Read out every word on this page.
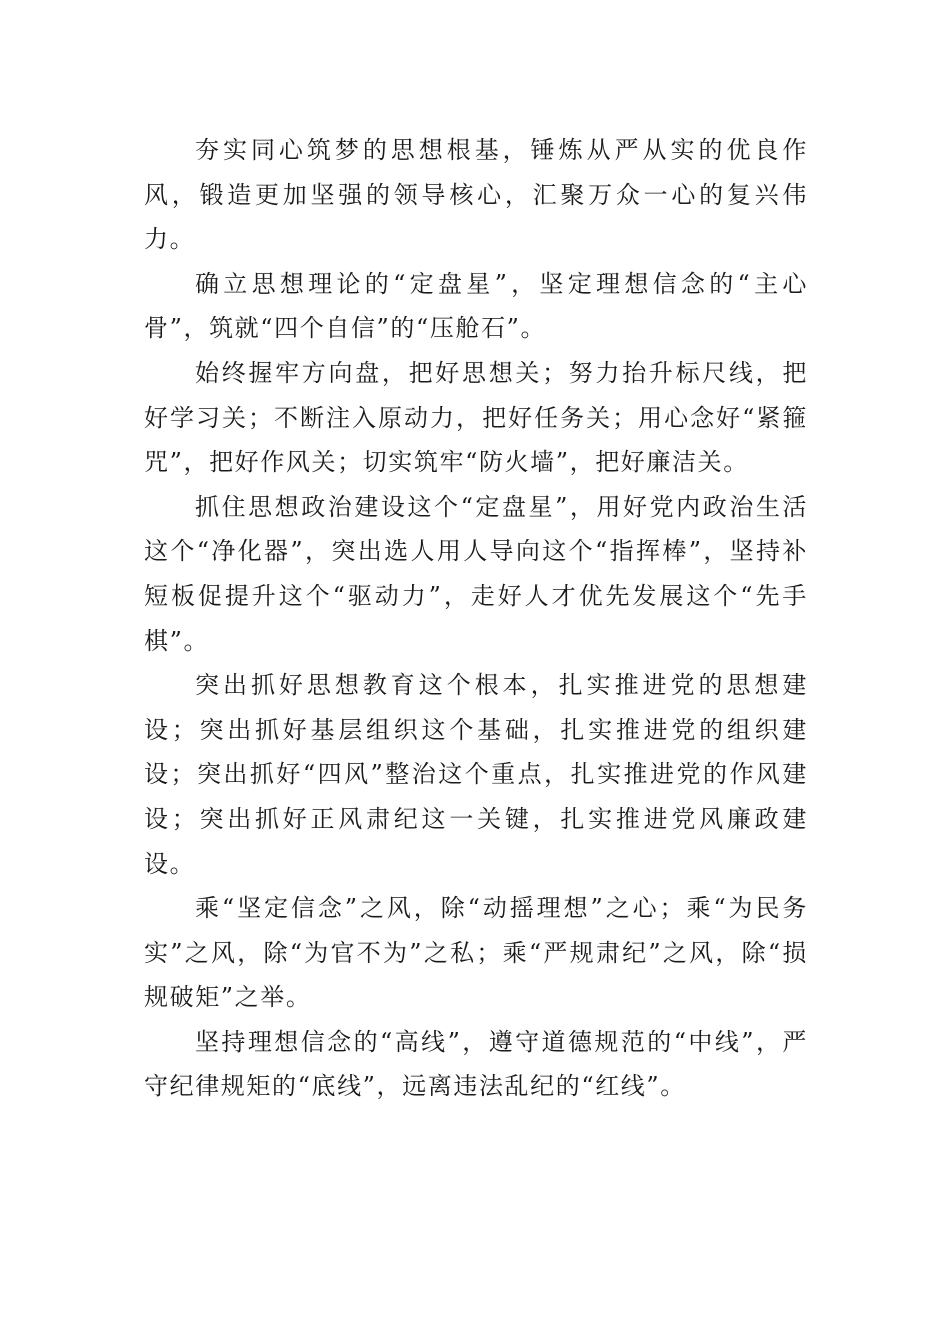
夯实同心筑梦的思想根基，锤炼从严从实的优良作风，锻造更加坚强的领导核心，汇聚万众一心的复兴伟力。

确立思想理论的“定盘星”，坚定理想信念的“主心骨”，筑就“四个自信”的“压舱石”。

始终握牢方向盘，把好思想关；努力抬升标尺线，把好学习关；不断注入原动力，把好任务关；用心念好“紧箍咒”，把好作风关；切实筑牢“防火墙”，把好廉洁关。

抓住思想政治建设这个“定盘星”，用好党内政治生活这个“净化器”，突出选人用人导向这个“指挥棒”，坚持补短板促提升这个“驱动力”，走好人才优先发展这个“先手棋”。

突出抓好思想教育这个根本，扎实推进党的思想建设；突出抓好基层组织这个基础，扎实推进党的组织建设；突出抓好“四风”整治这个重点，扎实推进党的作风建设；突出抓好正风肃纪这一关键，扎实推进党风廉政建设。

乘“坚定信念”之风，除“动摇理想”之心；乘“为民务实”之风，除“为官不为”之私；乘“严规肃纪”之风，除“损规破矩”之举。

坚持理想信念的“高线”，遵守道德规范的“中线”，严守纪律规矩的“底线”，远离违法乱纪的“红线”。
